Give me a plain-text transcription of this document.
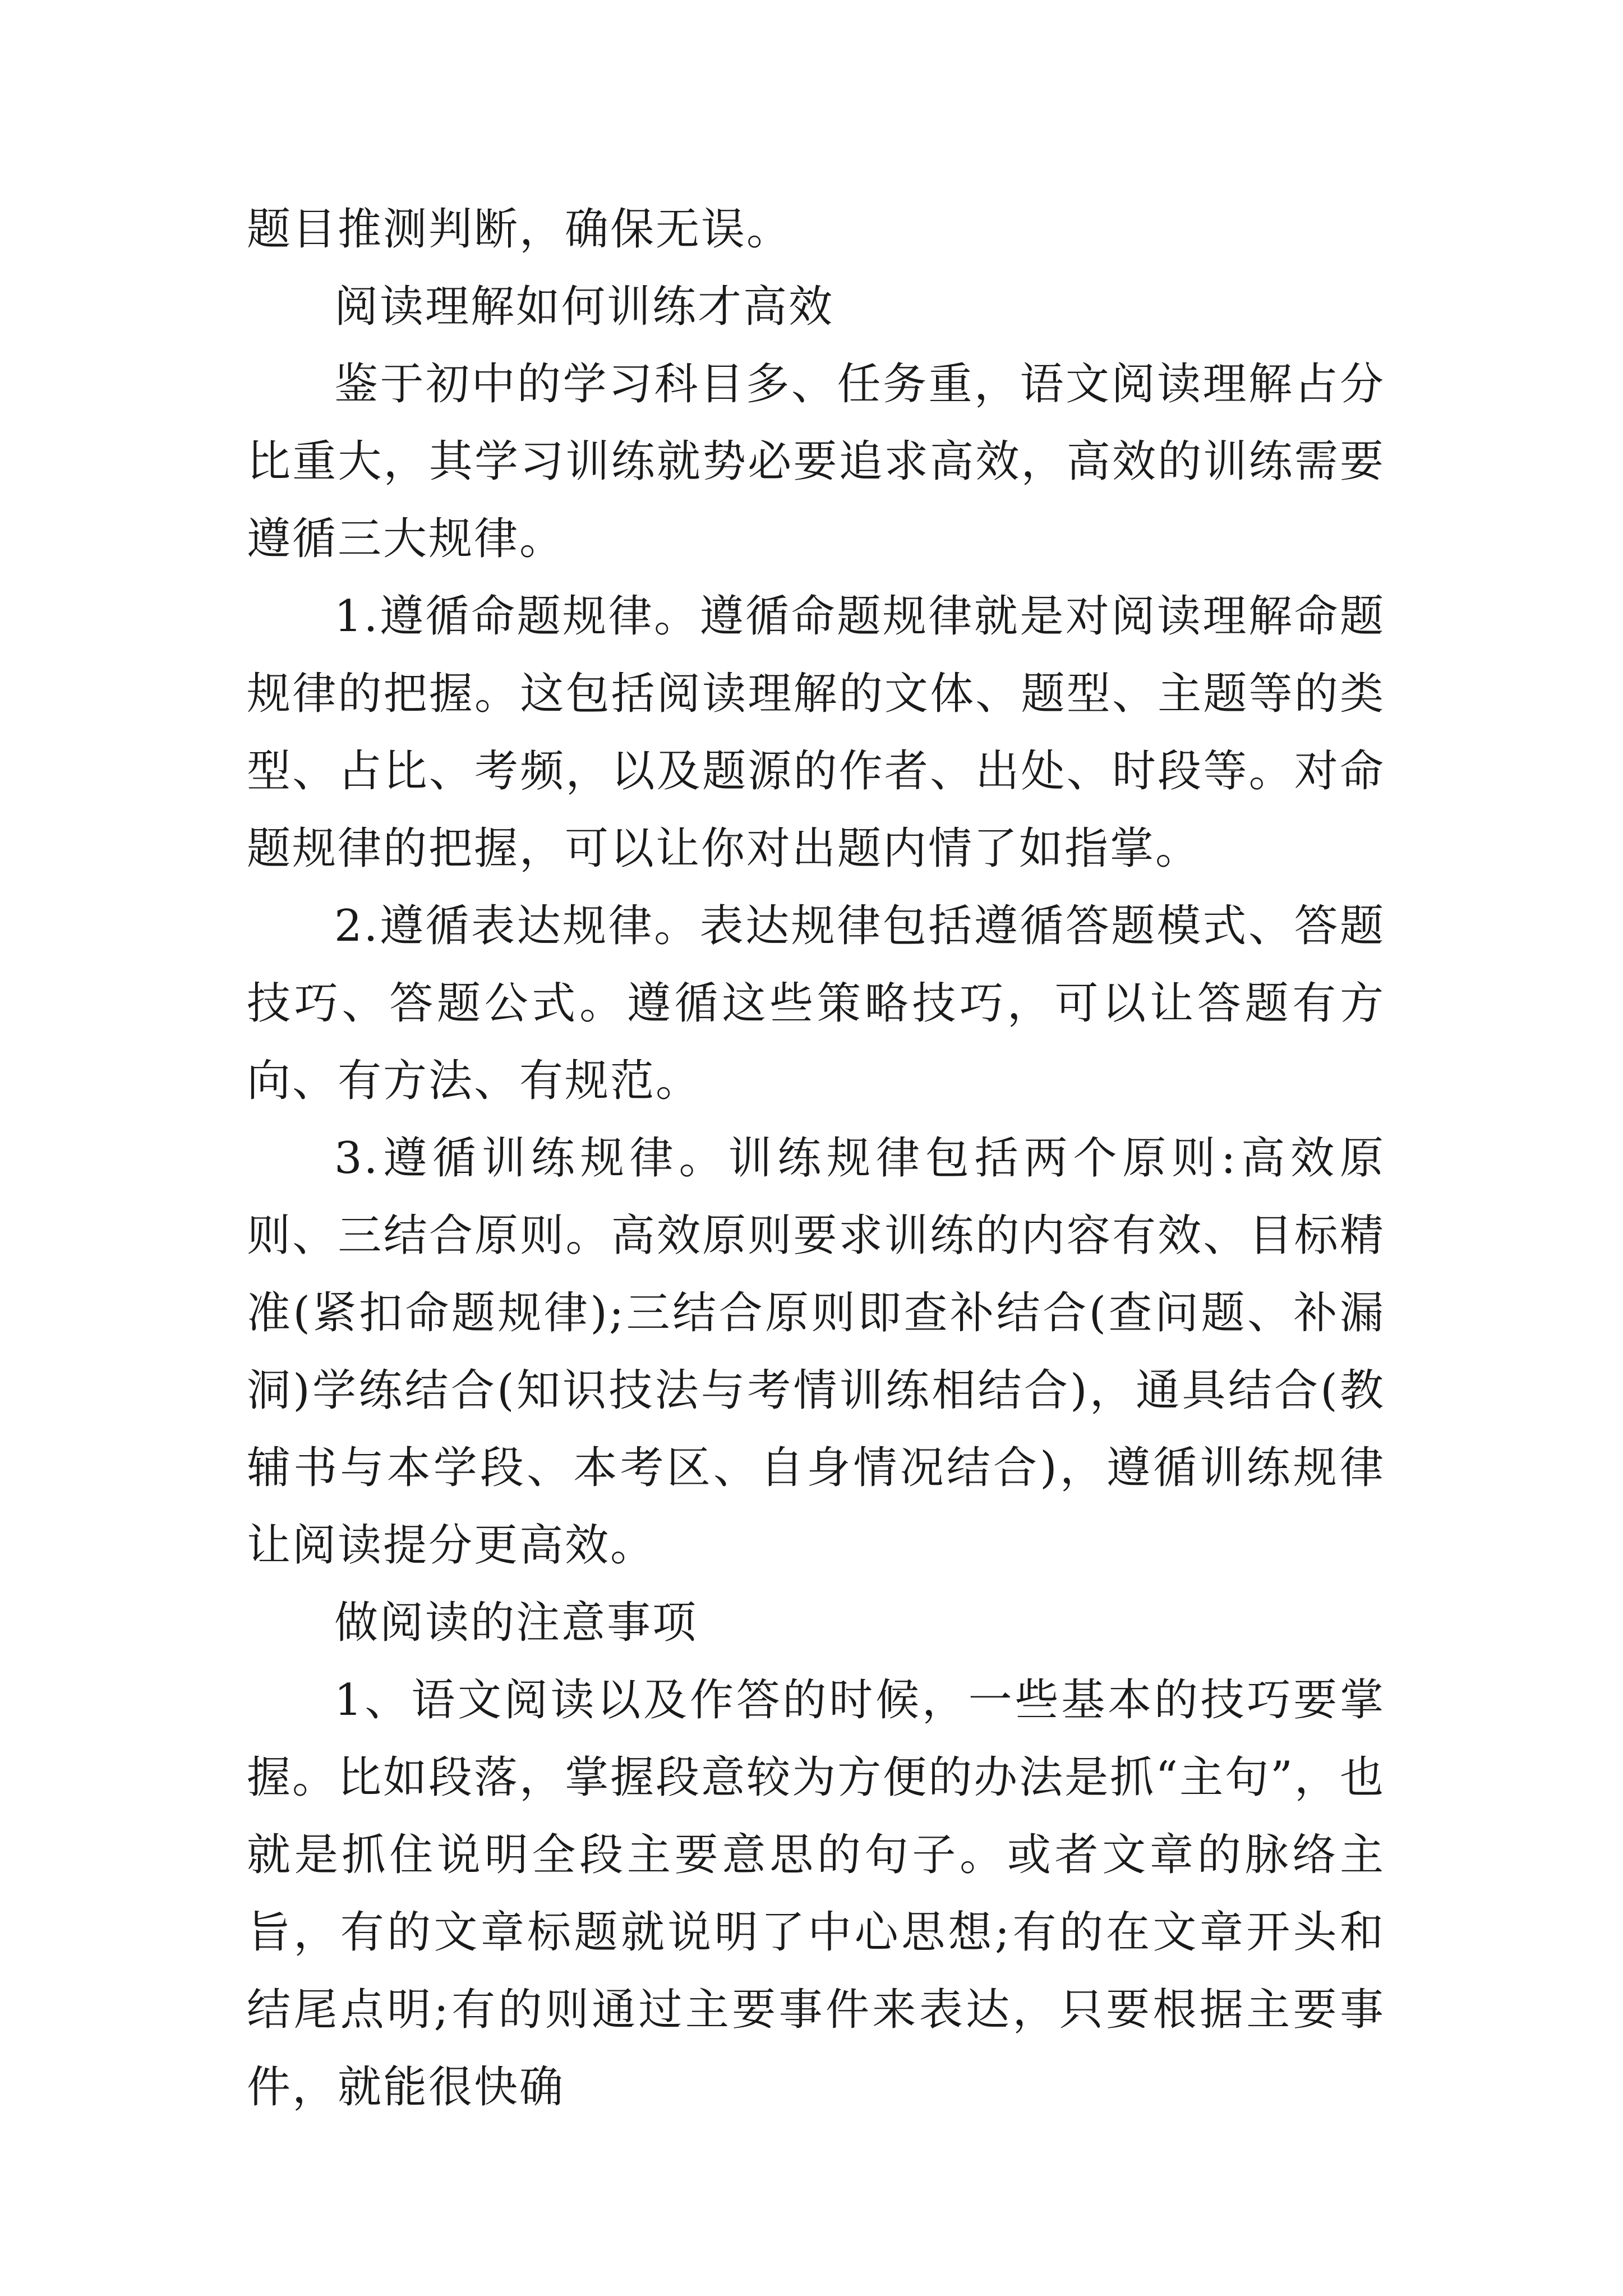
题目推测判断，确保无误。

阅读理解如何训练才高效

鉴于初中的学习科目多、任务重，语文阅读理解占分比重大，其学习训练就势必要追求高效，高效的训练需要遵循三大规律。

1.遵循命题规律。遵循命题规律就是对阅读理解命题规律的把握。这包括阅读理解的文体、题型、主题等的类型、占比、考频，以及题源的作者、出处、时段等。对命题规律的把握，可以让你对出题内情了如指掌。

2.遵循表达规律。表达规律包括遵循答题模式、答题技巧、答题公式。遵循这些策略技巧，可以让答题有方向、有方法、有规范。

3.遵循训练规律。训练规律包括两个原则:高效原则、三结合原则。高效原则要求训练的内容有效、目标精准(紧扣命题规律);三结合原则即查补结合(查问题、补漏洞)学练结合(知识技法与考情训练相结合)，通具结合(教辅书与本学段、本考区、自身情况结合)，遵循训练规律让阅读提分更高效。

做阅读的注意事项

1、语文阅读以及作答的时候，一些基本的技巧要掌握。比如段落，掌握段意较为方便的办法是抓“主句”，也就是抓住说明全段主要意思的句子。或者文章的脉络主旨，有的文章标题就说明了中心思想;有的在文章开头和结尾点明;有的则通过主要事件来表达，只要根据主要事件，就能很快确
